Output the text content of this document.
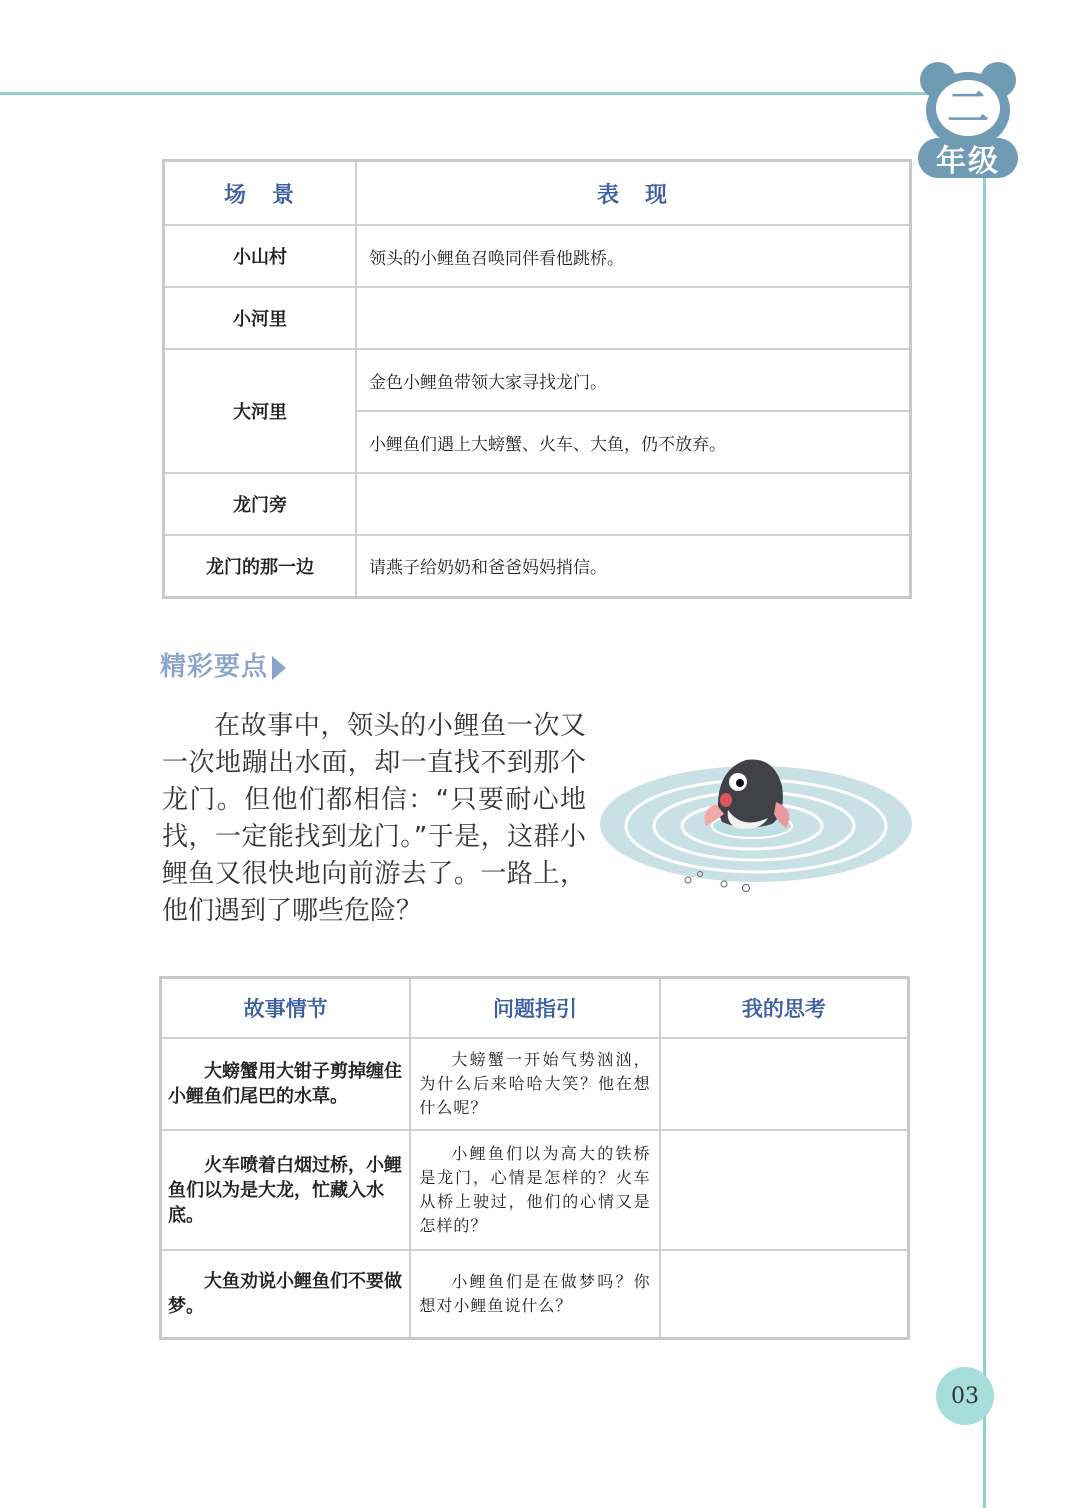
二
年级
场　景	表　现
小山村	领头的小鲤鱼召唤同伴看他跳桥。
小河里	
大河里	金色小鲤鱼带领大家寻找龙门。
	小鲤鱼们遇上大螃蟹、火车、大鱼，仍不放弃。
龙门旁	
龙门的那一边	请燕子给奶奶和爸爸妈妈捎信。
精彩要点
在故事中，领头的小鲤鱼一次又一次地蹦出水面，却一直找不到那个龙门。但他们都相信：“只要耐心地找，一定能找到龙门。”于是，这群小鲤鱼又很快地向前游去了。一路上，他们遇到了哪些危险？
故事情节	问题指引	我的思考
大螃蟹用大钳子剪掉缠住小鲤鱼们尾巴的水草。	大螃蟹一开始气势汹汹，为什么后来哈哈大笑？他在想什么呢？	
火车喷着白烟过桥，小鲤鱼们以为是大龙，忙藏入水底。	小鲤鱼们以为高大的铁桥是龙门，心情是怎样的？火车从桥上驶过，他们的心情又是怎样的？	
大鱼劝说小鲤鱼们不要做梦。	小鲤鱼们是在做梦吗？你想对小鲤鱼说什么？	
03
